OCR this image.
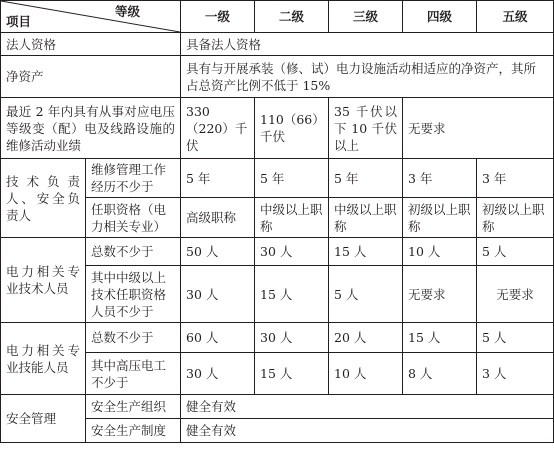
等级
项目		一级	二级	三级	四级	五级
法人资格		具备法人资格				
净资产		具有与开展承装（修、试）电力设施活动相适应的净资产，其所占总资产比例不低于 15%				
最近 2 年内具有从事对应电压等级变（配）电及线路设施的维修活动业绩		330（220）千伏	110（66）千伏	35 千伏以下 10 千伏以上	无要求	
技术负责人、安全负责人	维修管理工作经历不少于	5 年	5 年	5 年	3 年	3 年
	任职资格（电力相关专业）	高级职称	中级以上职称	中级以上职称	初级以上职称	初级以上职称
电力相关专业技术人员	总数不少于	50 人	30 人	15 人	10 人	5 人
	其中中级以上技术任职资格人员不少于	30 人	15 人	5 人	无要求	无要求
电力相关专业技能人员	总数不少于	60 人	30 人	20 人	15 人	5 人
	其中高压电工不少于	30 人	15 人	10 人	8 人	3 人
安全管理	安全生产组织	健全有效				
	安全生产制度	健全有效				
